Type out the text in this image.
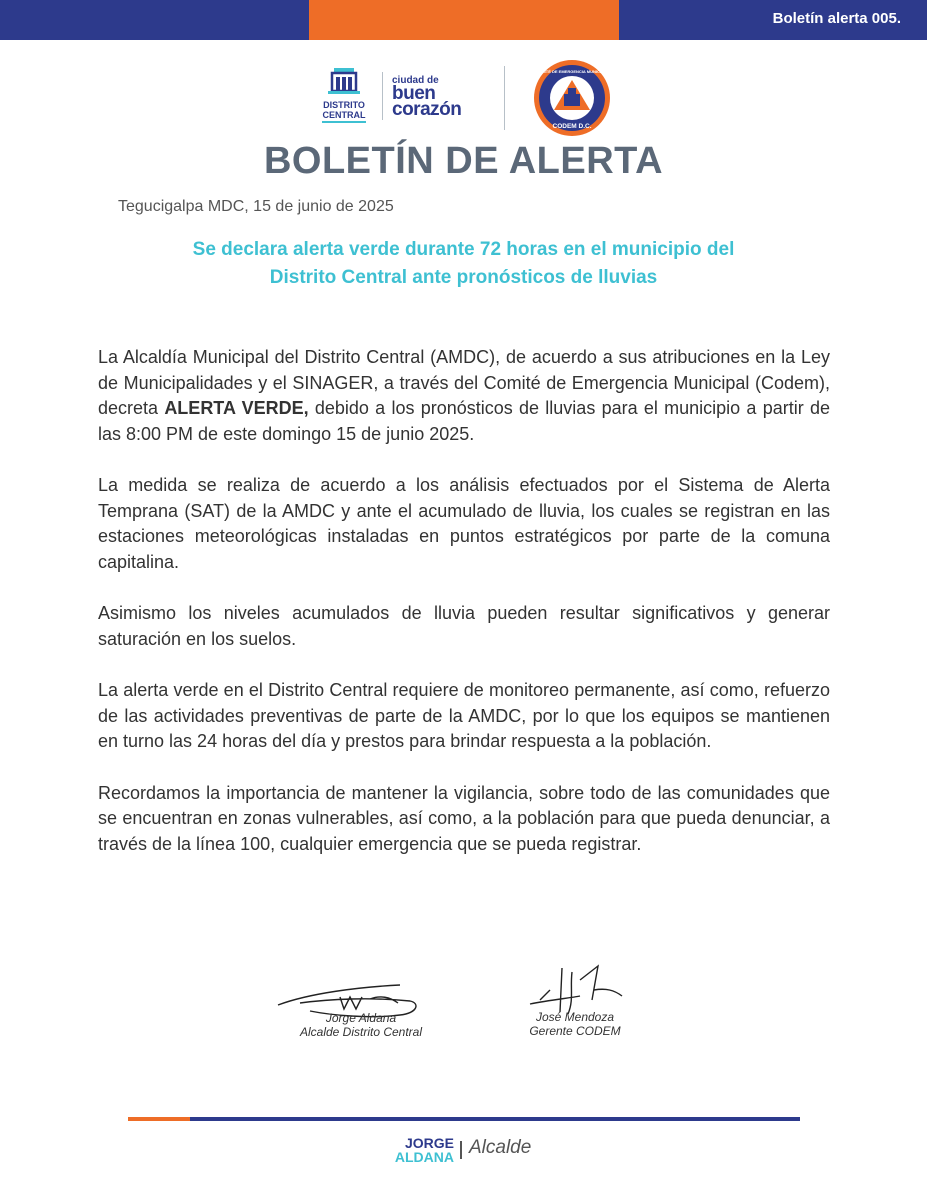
Boletín alerta 005.
DISTRITO
CENTRAL
ciudad de
buen
corazón
CODEM D.C.
COMITÉ DE EMERGENCIA MUNICIPAL
BOLETÍN DE ALERTA
Tegucigalpa MDC, 15 de junio de 2025
Se declara alerta verde durante 72 horas en el municipio del
Distrito Central ante pronósticos de lluvias

La Alcaldía Municipal del Distrito Central (AMDC), de acuerdo a sus atribuciones en la Ley de Municipalidades y el SINAGER, a través del Comité de Emergencia Municipal (Codem), decreta ALERTA VERDE, debido a los pronósticos de lluvias para el municipio a partir de las 8:00 PM de este domingo 15 de junio 2025.

La medida se realiza de acuerdo a los análisis efectuados por el Sistema de Alerta Temprana (SAT) de la AMDC y ante el acumulado de lluvia, los cuales se registran en las estaciones meteorológicas instaladas en puntos estratégicos por parte de la comuna capitalina.

Asimismo los niveles acumulados de lluvia pueden resultar significativos y generar saturación en los suelos.

La alerta verde en el Distrito Central requiere de monitoreo permanente, así como, refuerzo de las actividades preventivas de parte de la AMDC, por lo que los equipos se mantienen en turno las 24 horas del día y prestos para brindar respuesta a la población.

Recordamos la importancia de mantener la vigilancia, sobre todo de las comunidades que se encuentran en zonas vulnerables, así como, a la población para que pueda denunciar, a través de la línea 100, cualquier emergencia que se pueda registrar.

Jorge Aldana
Alcalde Distrito Central
José Mendoza
Gerente CODEM
JORGE
ALDANA Alcalde
